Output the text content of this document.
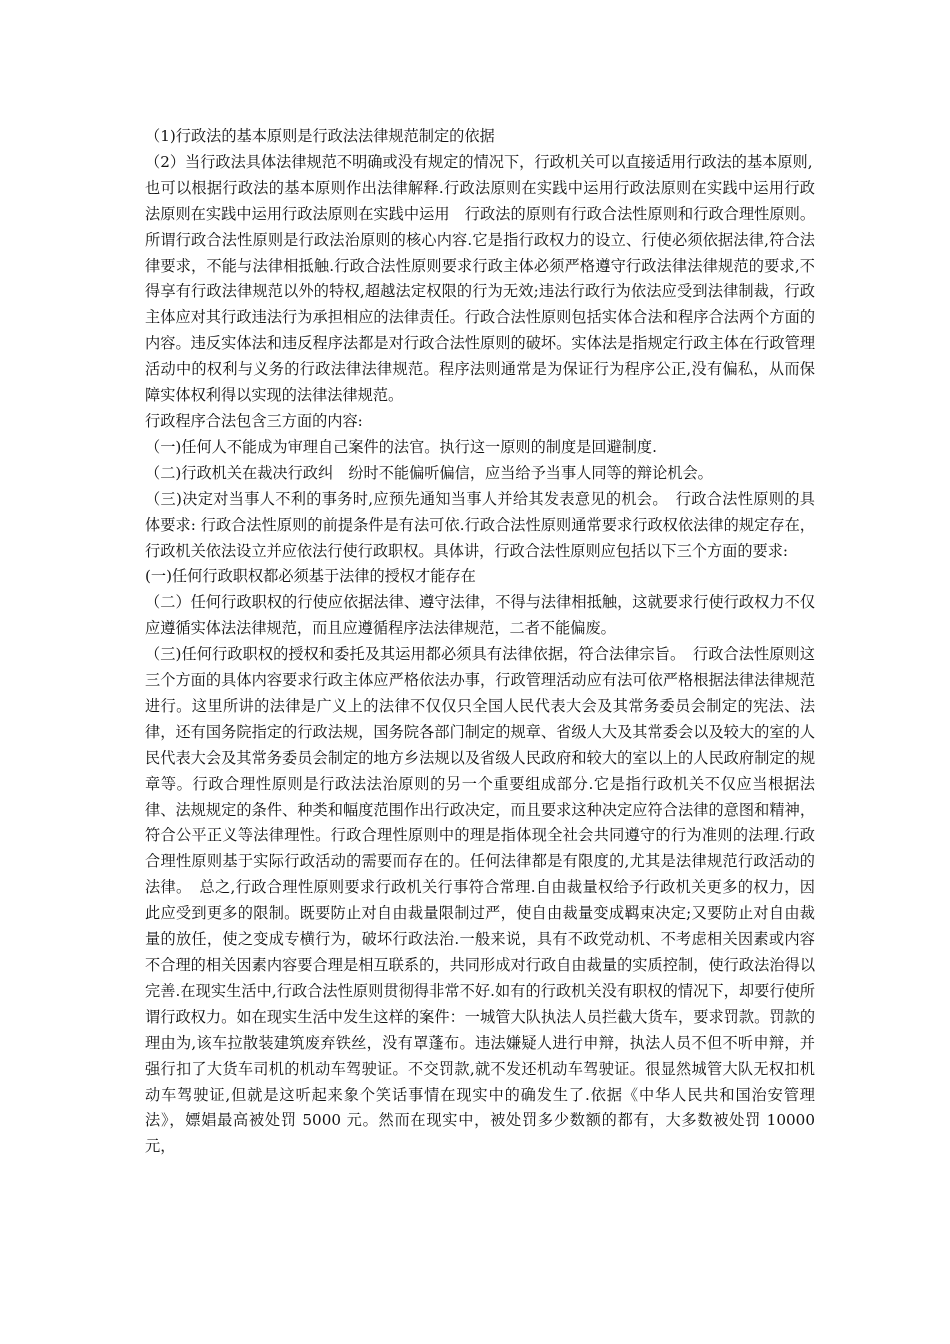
（1)行政法的基本原则是行政法法律规范制定的依据

（2）当行政法具体法律规范不明确或没有规定的情况下，行政机关可以直接适用行政法的基本原则,

也可以根据行政法的基本原则作出法律解释.行政法原则在实践中运用行政法原则在实践中运用行政法原则在实践中运用行政法原则在实践中运用　行政法的原则有行政合法性原则和行政合理性原则。所谓行政合法性原则是行政法治原则的核心内容.它是指行政权力的设立、行使必须依据法律,符合法律要求，不能与法律相抵触.行政合法性原则要求行政主体必须严格遵守行政法律法律规范的要求,不得享有行政法律规范以外的特权,超越法定权限的行为无效;违法行政行为依法应受到法律制裁，行政主体应对其行政违法行为承担相应的法律责任。行政合法性原则包括实体合法和程序合法两个方面的内容。违反实体法和违反程序法都是对行政合法性原则的破坏。实体法是指规定行政主体在行政管理活动中的权利与义务的行政法律法律规范。程序法则通常是为保证行为程序公正,没有偏私，从而保障实体权利得以实现的法律法律规范。

行政程序合法包含三方面的内容:

（一)任何人不能成为审理自己案件的法官。执行这一原则的制度是回避制度.

（二)行政机关在裁决行政纠　纷时不能偏听偏信，应当给予当事人同等的辩论机会。

（三)决定对当事人不利的事务时,应预先通知当事人并给其发表意见的机会。　行政合法性原则的具体要求: 行政合法性原则的前提条件是有法可依.行政合法性原则通常要求行政权依法律的规定存在，行政机关依法设立并应依法行使行政职权。具体讲，行政合法性原则应包括以下三个方面的要求:

(一)任何行政职权都必须基于法律的授权才能存在

（二）任何行政职权的行使应依据法律、遵守法律，不得与法律相抵触，这就要求行使行政权力不仅应遵循实体法法律规范，而且应遵循程序法法律规范，二者不能偏废。

（三)任何行政职权的授权和委托及其运用都必须具有法律依据，符合法律宗旨。　行政合法性原则这三个方面的具体内容要求行政主体应严格依法办事，行政管理活动应有法可依严格根据法律法律规范进行。这里所讲的法律是广义上的法律不仅仅只全国人民代表大会及其常务委员会制定的宪法、法律，还有国务院指定的行政法规，国务院各部门制定的规章、省级人大及其常委会以及较大的室的人民代表大会及其常务委员会制定的地方乡法规以及省级人民政府和较大的室以上的人民政府制定的规章等。行政合理性原则是行政法法治原则的另一个重要组成部分.它是指行政机关不仅应当根据法律、法规规定的条件、种类和幅度范围作出行政决定，而且要求这种决定应符合法律的意图和精神，符合公平正义等法律理性。行政合理性原则中的理是指体现全社会共同遵守的行为准则的法理.行政合理性原则基于实际行政活动的需要而存在的。任何法律都是有限度的,尤其是法律规范行政活动的法律。　总之,行政合理性原则要求行政机关行事符合常理.自由裁量权给予行政机关更多的权力，因此应受到更多的限制。既要防止对自由裁量限制过严，使自由裁量变成羁束决定;又要防止对自由裁量的放任，使之变成专横行为，破坏行政法治.一般来说，具有不政党动机、不考虑相关因素或内容不合理的相关因素内容要合理是相互联系的，共同形成对行政自由裁量的实质控制，使行政法治得以完善.在现实生活中,行政合法性原则贯彻得非常不好.如有的行政机关没有职权的情况下，却要行使所谓行政权力。如在现实生活中发生这样的案件：一城管大队执法人员拦截大货车，要求罚款。罚款的理由为,该车拉散装建筑废弃铁丝，没有罩蓬布。违法嫌疑人进行申辩，执法人员不但不听申辩，并强行扣了大货车司机的机动车驾驶证。不交罚款,就不发还机动车驾驶证。很显然城管大队无权扣机动车驾驶证,但就是这听起来象个笑话事情在现实中的确发生了.依据《中华人民共和国治安管理法》，嫖娼最高被处罚 5000 元。然而在现实中，被处罚多少数额的都有，大多数被处罚 10000 元，
